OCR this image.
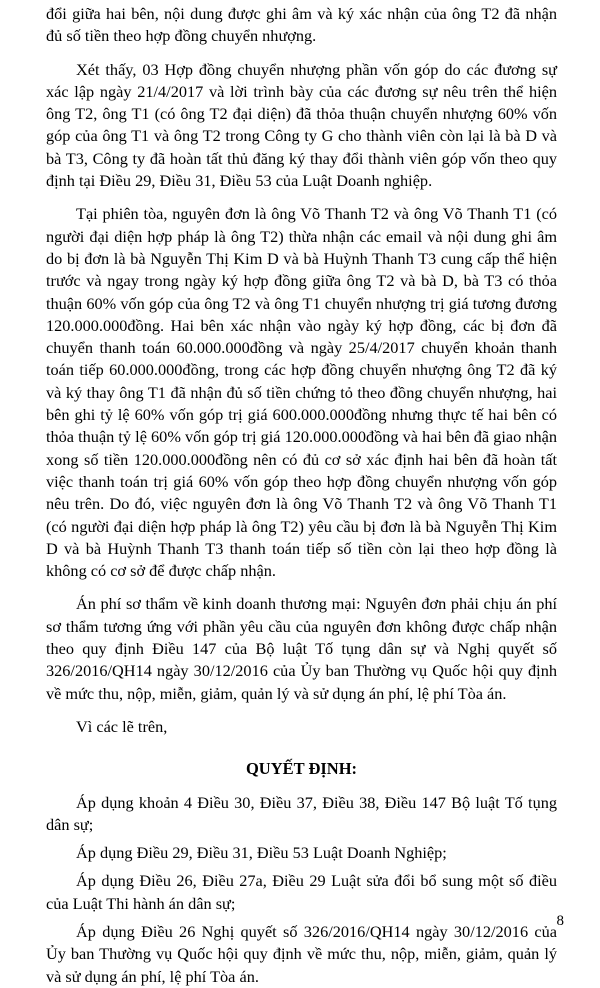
đổi giữa hai bên, nội dung được ghi âm và ký xác nhận của ông T2 đã nhận đủ số tiền theo hợp đồng chuyển nhượng.

Xét thấy, 03 Hợp đồng chuyển nhượng phần vốn góp do các đương sự xác lập ngày 21/4/2017 và lời trình bày của các đương sự nêu trên thể hiện ông T2, ông T1 (có ông T2 đại diện) đã thỏa thuận chuyển nhượng 60% vốn góp của ông T1 và ông T2 trong Công ty G cho thành viên còn lại là bà D và bà T3, Công ty đã hoàn tất thủ đăng ký thay đổi thành viên góp vốn theo quy định tại Điều 29, Điều 31, Điều 53 của Luật Doanh nghiệp.

Tại phiên tòa, nguyên đơn là ông Võ Thanh T2 và ông Võ Thanh T1 (có người đại diện hợp pháp là ông T2) thừa nhận các email và nội dung ghi âm do bị đơn là bà Nguyễn Thị Kim D và bà Huỳnh Thanh T3 cung cấp thể hiện trước và ngay trong ngày ký hợp đồng giữa ông T2 và bà D, bà T3 có thỏa thuận 60% vốn góp của ông T2 và ông T1 chuyển nhượng trị giá tương đương 120.000.000đồng. Hai bên xác nhận vào ngày ký hợp đồng, các bị đơn đã chuyển thanh toán 60.000.000đồng và ngày 25/4/2017 chuyển khoản thanh toán tiếp 60.000.000đồng, trong các hợp đồng chuyển nhượng ông T2 đã ký và ký thay ông T1 đã nhận đủ số tiền chứng tỏ theo đồng chuyển nhượng, hai bên ghi tỷ lệ 60% vốn góp trị giá 600.000.000đồng nhưng thực tế hai bên có thỏa thuận tỷ lệ 60% vốn góp trị giá 120.000.000đồng và hai bên đã giao nhận xong số tiền 120.000.000đồng nên có đủ cơ sở xác định hai bên đã hoàn tất việc thanh toán trị giá 60% vốn góp theo hợp đồng chuyển nhượng vốn góp nêu trên. Do đó, việc nguyên đơn là ông Võ Thanh T2 và ông Võ Thanh T1 (có người đại diện hợp pháp là ông T2) yêu cầu bị đơn là bà Nguyễn Thị Kim D và bà Huỳnh Thanh T3 thanh toán tiếp số tiền còn lại theo hợp đồng là không có cơ sở để được chấp nhận.

Án phí sơ thẩm về kinh doanh thương mại: Nguyên đơn phải chịu án phí sơ thẩm tương ứng với phần yêu cầu của nguyên đơn không được chấp nhận theo quy định Điều 147 của Bộ luật Tố tụng dân sự và Nghị quyết số 326/2016/QH14 ngày 30/12/2016 của Ủy ban Thường vụ Quốc hội quy định về mức thu, nộp, miễn, giảm, quản lý và sử dụng án phí, lệ phí Tòa án.

Vì các lẽ trên,

QUYẾT ĐỊNH:

Áp dụng khoản 4 Điều 30, Điều 37, Điều 38, Điều 147 Bộ luật Tố tụng dân sự;

Áp dụng Điều 29, Điều 31, Điều 53 Luật Doanh Nghiệp;

Áp dụng Điều 26, Điều 27a, Điều 29 Luật sửa đổi bổ sung một số điều của Luật Thi hành án dân sự;

Áp dụng Điều 26 Nghị quyết số 326/2016/QH14 ngày 30/12/2016 của Ủy ban Thường vụ Quốc hội quy định về mức thu, nộp, miễn, giảm, quản lý và sử dụng án phí, lệ phí Tòa án.

8
